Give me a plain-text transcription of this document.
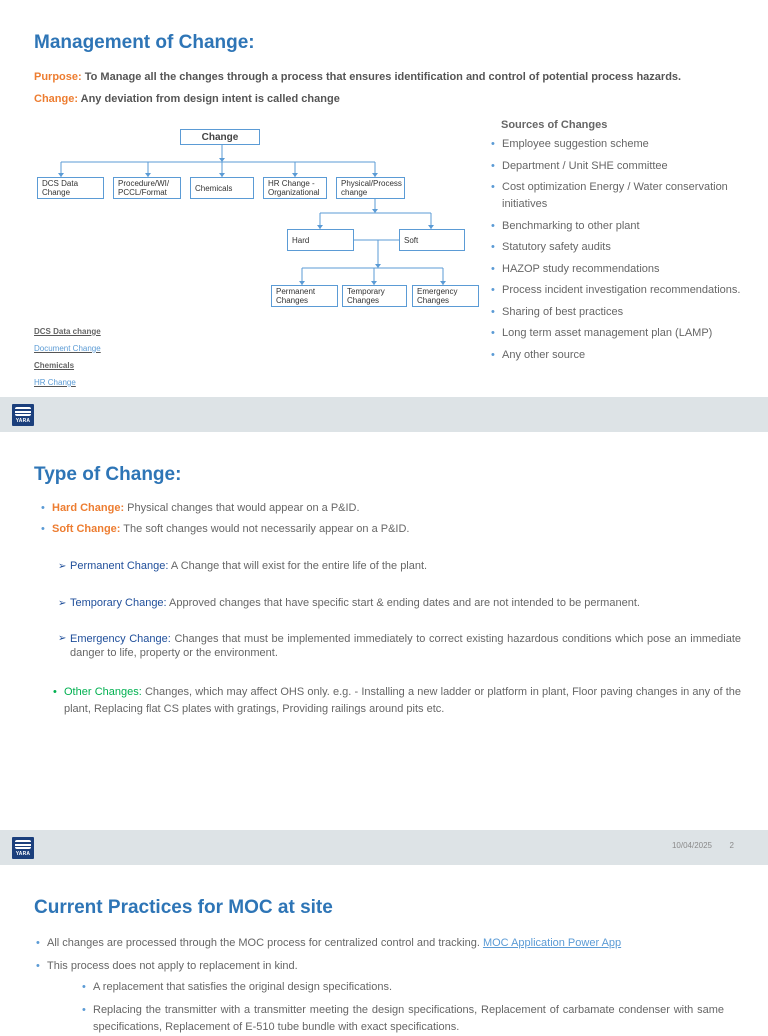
Management of Change:
Purpose: To Manage all the changes through a process that ensures identification and control of potential process hazards.
Change: Any deviation from design intent is called change
Change
DCS Data Change
Procedure/WI/ PCCL/Format	Chemicals	HR Change - Organizational
Physical/Process change
Hard	Soft
Permanent Changes
Temporary Changes
Emergency Changes
DCS Data change
Document Change
Chemicals
HR Change
Sources of Changes
• Employee suggestion scheme
• Department / Unit SHE committee
• Cost optimization Energy / Water conservation initiatives
• Benchmarking to other plant
• Statutory safety audits
• HAZOP study recommendations
• Process incident investigation recommendations.
• Sharing of best practices
• Long term asset management plan (LAMP)
• Any other source
YARA
Type of Change:
• Hard Change: Physical changes that would appear on a P&ID.
• Soft Change: The soft changes would not necessarily appear on a P&ID.
➢ Permanent Change: A Change that will exist for the entire life of the plant.
➢ Temporary Change: Approved changes that have specific start & ending dates and are not intended to be permanent.
➢ Emergency Change: Changes that must be implemented immediately to correct existing hazardous conditions which pose an immediate danger to life, property or the environment.
• Other Changes: Changes, which may affect OHS only. e.g. - Installing a new ladder or platform in plant, Floor paving changes in any of the plant, Replacing flat CS plates with gratings, Providing railings around pits etc.
YARA
10/04/2025 2
Current Practices for MOC at site
• All changes are processed through the MOC process for centralized control and tracking. MOC Application Power App
• This process does not apply to replacement in kind.
• A replacement that satisfies the original design specifications.
• Replacing the transmitter with a transmitter meeting the design specifications, Replacement of carbamate condenser with same specifications, Replacement of E-510 tube bundle with exact specifications.
